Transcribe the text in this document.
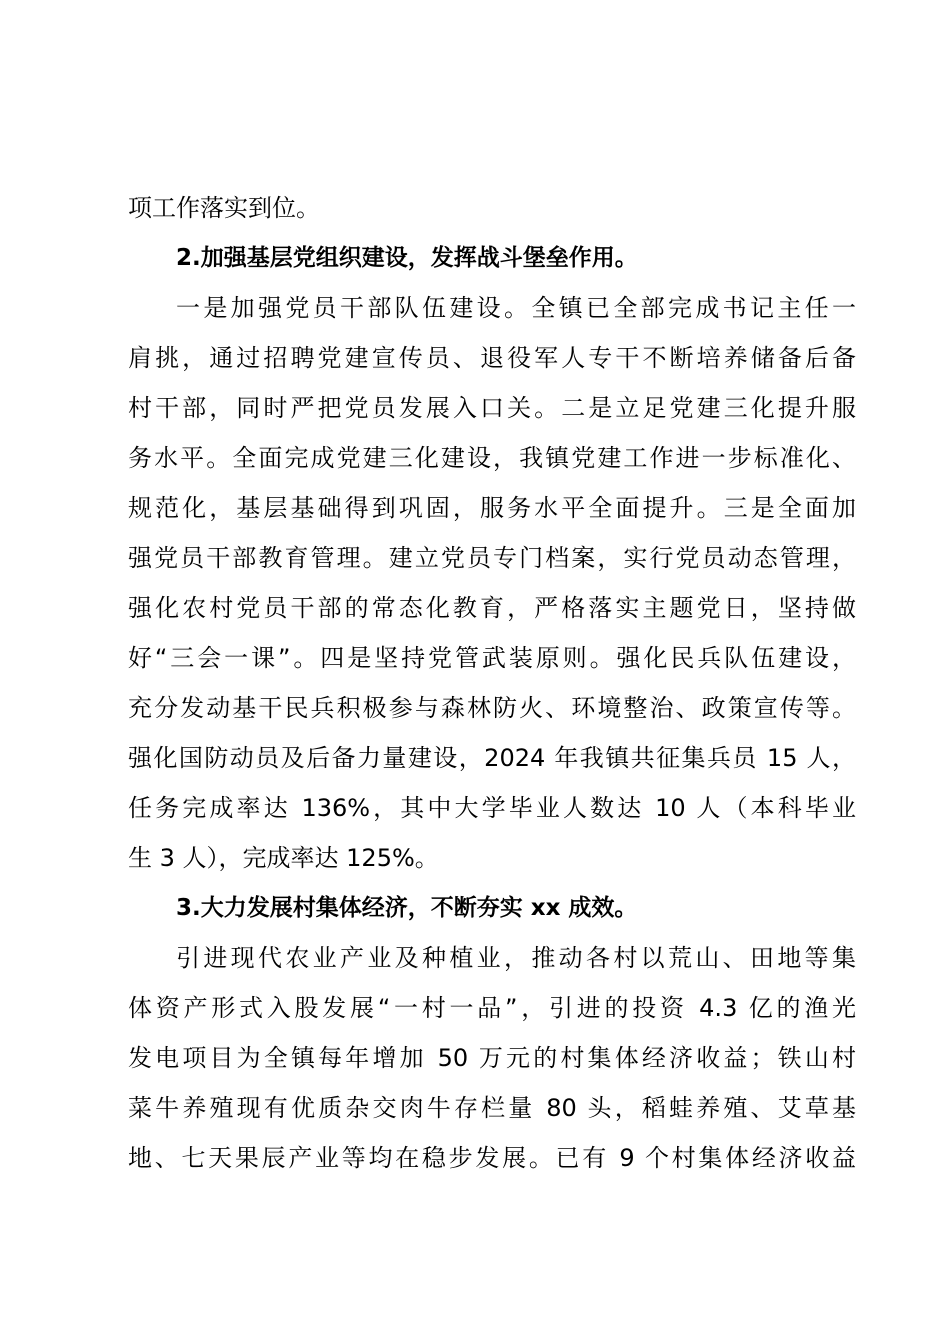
项工作落实到位。
2.加强基层党组织建设，发挥战斗堡垒作用。
一是加强党员干部队伍建设。全镇已全部完成书记主任一
肩挑，通过招聘党建宣传员、退役军人专干不断培养储备后备
村干部，同时严把党员发展入口关。二是立足党建三化提升服
务水平。全面完成党建三化建设，我镇党建工作进一步标准化、
规范化，基层基础得到巩固，服务水平全面提升。三是全面加
强党员干部教育管理。建立党员专门档案，实行党员动态管理，
强化农村党员干部的常态化教育，严格落实主题党日，坚持做
好“三会一课”。四是坚持党管武装原则。强化民兵队伍建设，
充分发动基干民兵积极参与森林防火、环境整治、政策宣传等。
强化国防动员及后备力量建设，2024 年我镇共征集兵员 15 人，
任务完成率达 136%，其中大学毕业人数达 10 人（本科毕业
生 3 人），完成率达 125%。
3.大力发展村集体经济，不断夯实 xx 成效。
引进现代农业产业及种植业，推动各村以荒山、田地等集
体资产形式入股发展“一村一品”，引进的投资 4.3 亿的渔光
发电项目为全镇每年增加 50 万元的村集体经济收益；铁山村
菜牛养殖现有优质杂交肉牛存栏量 80 头，稻蛙养殖、艾草基
地、七天果辰产业等均在稳步发展。已有 9 个村集体经济收益
